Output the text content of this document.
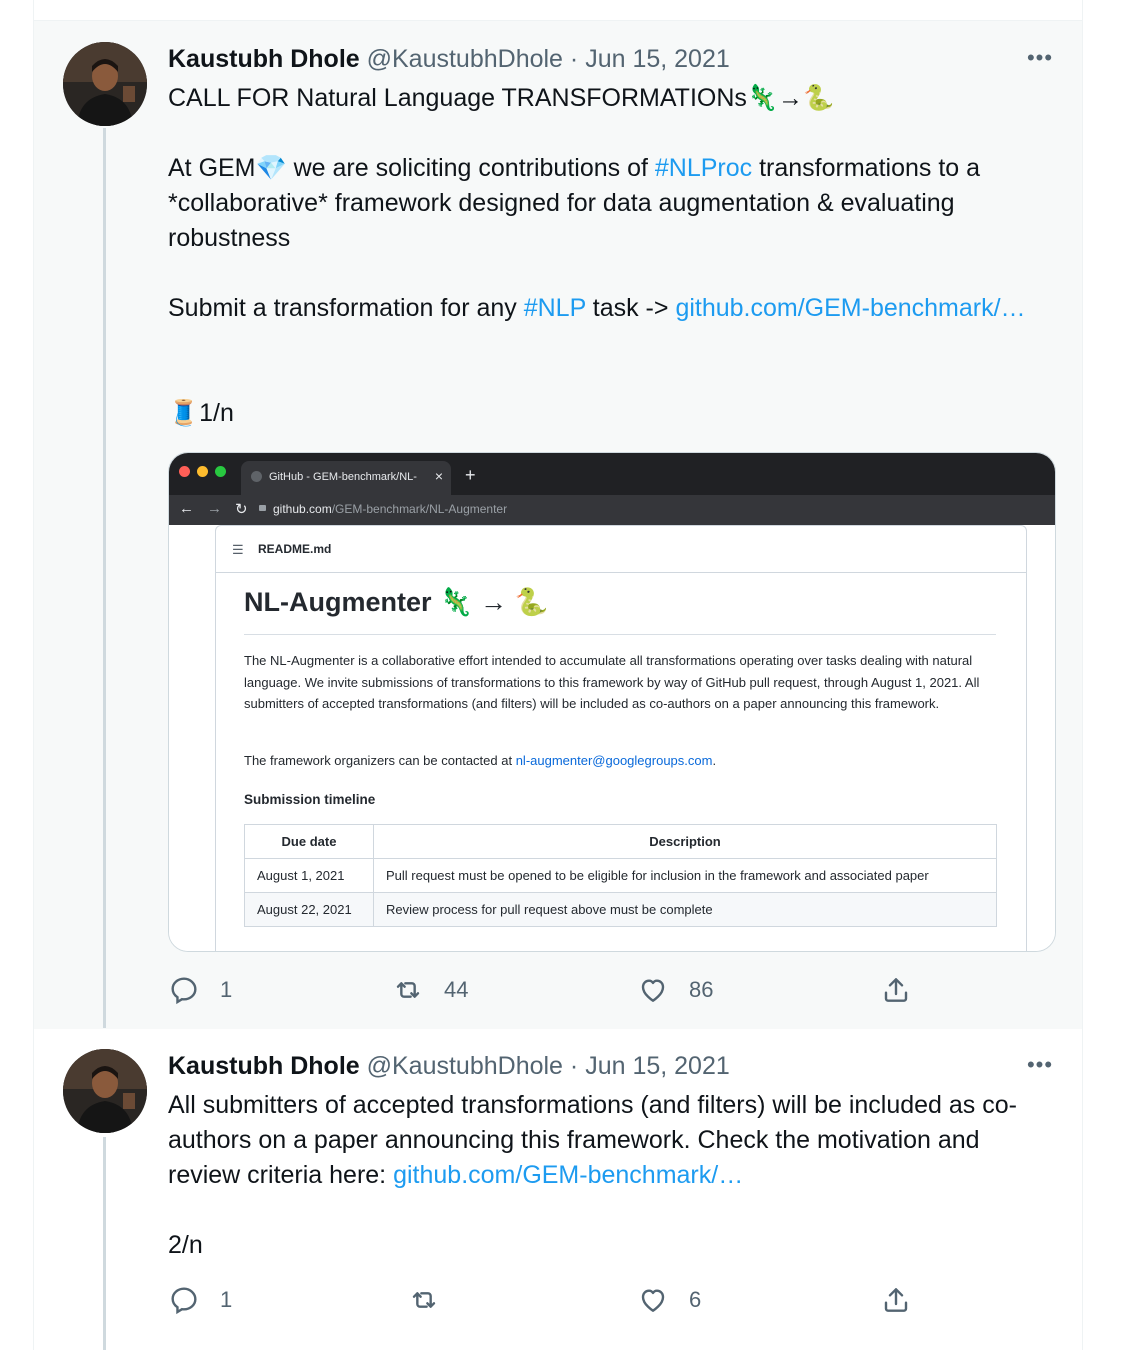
Kaustubh Dhole @KaustubhDhole · Jun 15, 2021	•••
CALL FOR Natural Language TRANSFORMATIONs🦎→🐍
At GEM💎 we are soliciting contributions of #NLProc transformations to a *collaborative* framework designed for data augmentation & evaluating robustness
Submit a transformation for any #NLP task -> github.com/GEM-benchmark/…
🧵1/n
GitHub - GEM-benchmark/NL- × +
← → ↻ github.com/GEM-benchmark/NL-Augmenter
☰ README.md
NL-Augmenter 🦎 → 🐍
The NL-Augmenter is a collaborative effort intended to accumulate all transformations operating over tasks dealing with natural language. We invite submissions of transformations to this framework by way of GitHub pull request, through August 1, 2021. All submitters of accepted transformations (and filters) will be included as co-authors on a paper announcing this framework.
The framework organizers can be contacted at nl-augmenter@googlegroups.com.
Submission timeline
Due date	Description
August 1, 2021	Pull request must be opened to be eligible for inclusion in the framework and associated paper
August 22, 2021	Review process for pull request above must be complete
1	44	86
Kaustubh Dhole @KaustubhDhole · Jun 15, 2021	•••
All submitters of accepted transformations (and filters) will be included as co-authors on a paper announcing this framework. Check the motivation and review criteria here: github.com/GEM-benchmark/…
2/n
1	6
